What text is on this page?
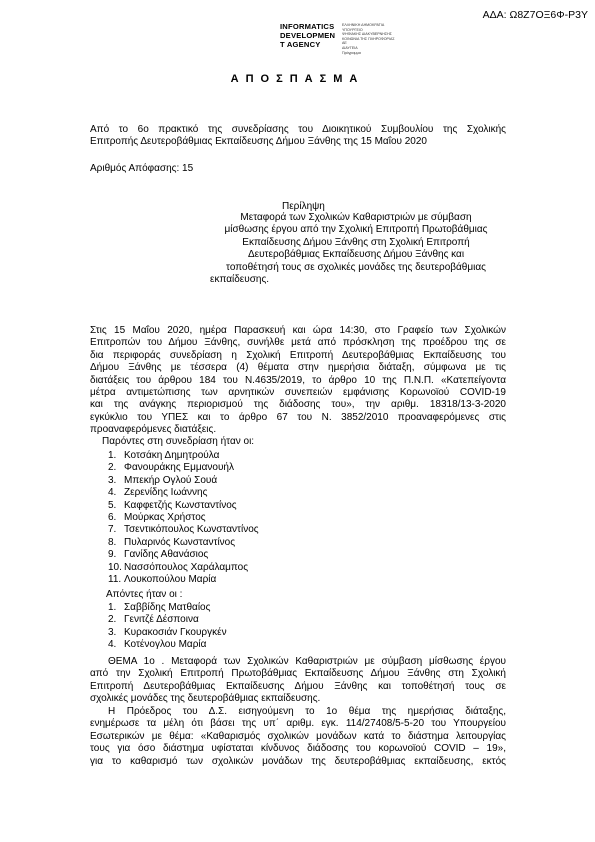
ΑΔΑ: Ω8Ζ7ΟΞ6Φ-Ρ3Υ
INFORMATICS
DEVELOPMEN
T AGENCY
ΕΛΛΗΝΙΚΗ ΔΗΜΟΚΡΑΤΙΑ
ΥΠΟΥΡΓΕΙΟ
ΨΗΦΙΑΚΗΣ ΔΙΑΚΥΒΕΡΝΗΣΗΣ
ΚΟΙΝΩΝΙΑ ΤΗΣ ΠΛΗΡΟΦΟΡΙΑΣ
ΑΕ
ΔΙΑΥΓΕΙΑ
Πρόγραμμα
ΑΠΟΣΠΑΣΜΑ
Από το 6ο πρακτικό της συνεδρίασης του Διοικητικού Συμβουλίου της Σχολικής
Επιτροπής Δευτεροβάθμιας Εκπαίδευσης Δήμου Ξάνθης της 15 Μαΐου 2020
Αριθμός Απόφασης: 15
Περίληψη
Μεταφορά των Σχολικών Καθαριστριών με σύμβαση
μίσθωσης έργου από την Σχολική Επιτροπή Πρωτοβάθμιας
Εκπαίδευσης Δήμου Ξάνθης στη Σχολική Επιτροπή
Δευτεροβάθμιας Εκπαίδευσης Δήμου Ξάνθης και
τοποθέτησή τους σε σχολικές μονάδες της δευτεροβάθμιας
εκπαίδευσης.
Στις 15 Μαΐου 2020, ημέρα Παρασκευή και ώρα 14:30, στο Γραφείο των Σχολικών
Επιτροπών του Δήμου Ξάνθης, συνήλθε μετά από πρόσκληση της προέδρου της σε
δια περιφοράς συνεδρίαση η Σχολική Επιτροπή Δευτεροβάθμιας Εκπαίδευσης του
Δήμου Ξάνθης με τέσσερα (4) θέματα στην ημερήσια διάταξη, σύμφωνα με τις
διατάξεις του άρθρου 184 του Ν.4635/2019, το άρθρο 10 της Π.Ν.Π. «Κατεπείγοντα
μέτρα αντιμετώπισης των αρνητικών συνεπειών εμφάνισης Κορωνοϊού COVID-19
και της ανάγκης περιορισμού της διάδοσης του», την αριθμ. 18318/13-3-2020
εγκύκλιο του ΥΠΕΣ και το άρθρο 67 του Ν. 3852/2010 προαναφερόμενες στις
προαναφερόμενες διατάξεις.
Παρόντες στη συνεδρίαση ήταν οι:
1. Κοτσάκη Δημητρούλα
2. Φανουράκης Εμμανουήλ
3. Μπεκήρ Ογλού Σουά
4. Ζερενίδης Ιωάννης
5. Καφφετζής Κωνσταντίνος
6. Μούρκας Χρήστος
7. Τσεντικόπουλος Κωνσταντίνος
8. Πυλαρινός Κωνσταντίνος
9. Γανίδης Αθανάσιος
10. Νασσόπουλος Χαράλαμπος
11. Λουκοπούλου Μαρία
Απόντες ήταν οι :
1. Σαββίδης Ματθαίος
2. Γενιτζέ Δέσποινα
3. Κυρακοσιάν Γκουργκέν
4. Κοτένογλου Μαρία
ΘΕΜΑ 1ο . Μεταφορά των Σχολικών Καθαριστριών με σύμβαση μίσθωσης έργου
από την Σχολική Επιτροπή Πρωτοβάθμιας Εκπαίδευσης Δήμου Ξάνθης στη Σχολική
Επιτροπή Δευτεροβάθμιας Εκπαίδευσης Δήμου Ξάνθης και τοποθέτησή τους σε
σχολικές μονάδες της δευτεροβάθμιας εκπαίδευσης.
Η Πρόεδρος του Δ.Σ. εισηγούμενη το 1ο θέμα της ημερήσιας διάταξης,
ενημέρωσε τα μέλη ότι βάσει της υπ΄ αριθμ. εγκ. 114/27408/5-5-20 του Υπουργείου
Εσωτερικών με θέμα: «Καθαρισμός σχολικών μονάδων κατά το διάστημα λειτουργίας
τους για όσο διάστημα υφίσταται κίνδυνος διάδοσης του κορωνοϊού COVID – 19»,
για το καθαρισμό των σχολικών μονάδων της δευτεροβάθμιας εκπαίδευσης, εκτός
